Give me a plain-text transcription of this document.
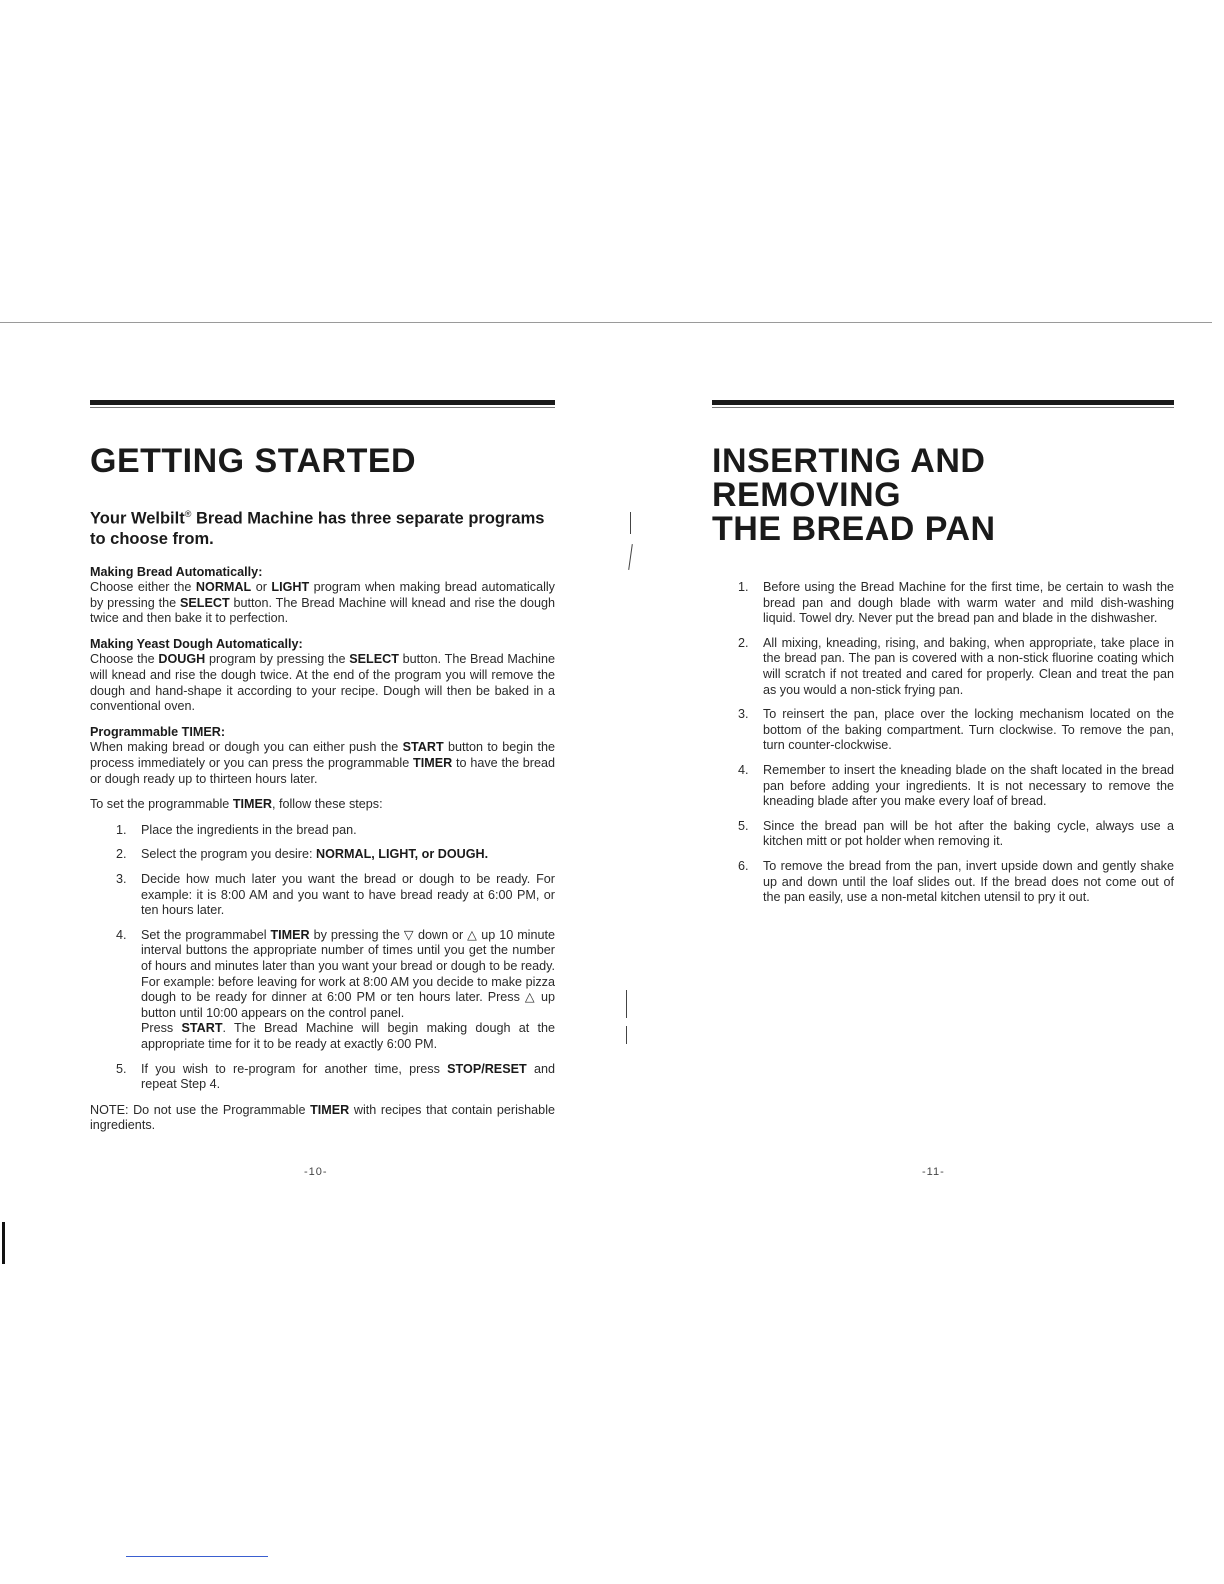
GETTING STARTED
Your Welbilt® Bread Machine has three separate programs to choose from.
Making Bread Automatically:
Choose either the NORMAL or LIGHT program when making bread automatically by pressing the SELECT button. The Bread Machine will knead and rise the dough twice and then bake it to perfection.
Making Yeast Dough Automatically:
Choose the DOUGH program by pressing the SELECT button. The Bread Machine will knead and rise the dough twice. At the end of the program you will remove the dough and hand-shape it according to your recipe. Dough will then be baked in a conventional oven.
Programmable TIMER:
When making bread or dough you can either push the START button to begin the process immediately or you can press the programmable TIMER to have the bread or dough ready up to thirteen hours later.
To set the programmable TIMER, follow these steps:
1. Place the ingredients in the bread pan.
2. Select the program you desire: NORMAL, LIGHT, or DOUGH.
3. Decide how much later you want the bread or dough to be ready. For example: it is 8:00 AM and you want to have bread ready at 6:00 PM, or ten hours later.
4. Set the programmabel TIMER by pressing the ▽ down or △ up 10 minute interval buttons the appropriate number of times until you get the number of hours and minutes later than you want your bread or dough to be ready. For example: before leaving for work at 8:00 AM you decide to make pizza dough to be ready for dinner at 6:00 PM or ten hours later. Press △ up button until 10:00 appears on the control panel.
Press START. The Bread Machine will begin making dough at the appropriate time for it to be ready at exactly 6:00 PM.
5. If you wish to re-program for another time, press STOP/RESET and repeat Step 4.
NOTE: Do not use the Programmable TIMER with recipes that contain perishable ingredients.
-10-
INSERTING AND REMOVING
THE BREAD PAN
1. Before using the Bread Machine for the first time, be certain to wash the bread pan and dough blade with warm water and mild dish-washing liquid. Towel dry. Never put the bread pan and blade in the dishwasher.
2. All mixing, kneading, rising, and baking, when appropriate, take place in the bread pan. The pan is covered with a non-stick fluorine coating which will scratch if not treated and cared for properly. Clean and treat the pan as you would a non-stick frying pan.
3. To reinsert the pan, place over the locking mechanism located on the bottom of the baking compartment. Turn clockwise. To remove the pan, turn counter-clockwise.
4. Remember to insert the kneading blade on the shaft located in the bread pan before adding your ingredients. It is not necessary to remove the kneading blade after you make every loaf of bread.
5. Since the bread pan will be hot after the baking cycle, always use a kitchen mitt or pot holder when removing it.
6. To remove the bread from the pan, invert upside down and gently shake up and down until the loaf slides out. If the bread does not come out of the pan easily, use a non-metal kitchen utensil to pry it out.
-11-
